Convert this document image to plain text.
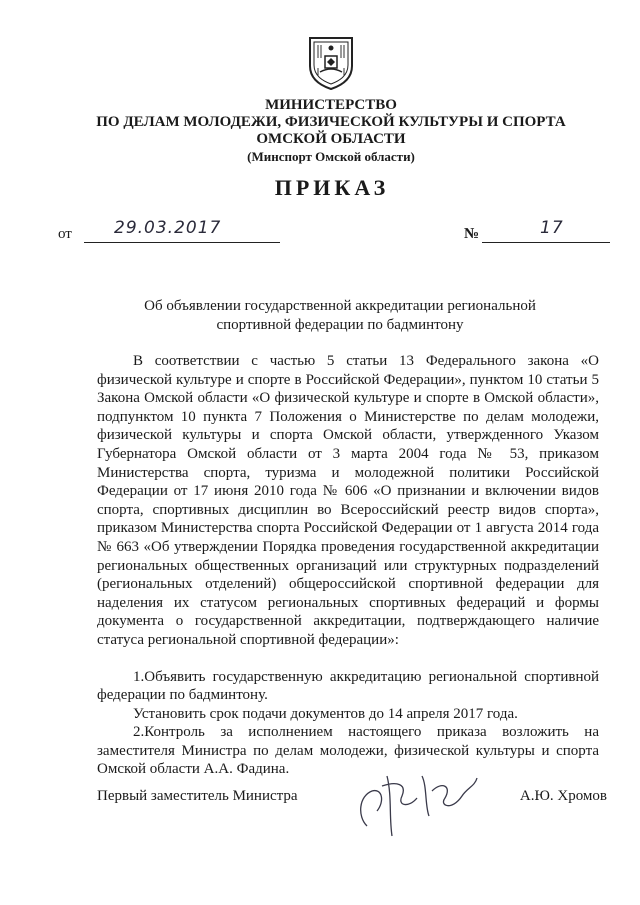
МИНИСТЕРСТВО
ПО ДЕЛАМ МОЛОДЕЖИ, ФИЗИЧЕСКОЙ КУЛЬТУРЫ И СПОРТА
ОМСКОЙ ОБЛАСТИ
(Минспорт Омской области)
ПРИКАЗ
от 29.03.2017	№	17
Об объявлении государственной аккредитации региональной
спортивной федерации по бадминтону

В соответствии с частью 5 статьи 13 Федерального закона «О физической культуре и спорте в Российской Федерации», пунктом 10 статьи 5 Закона Омской области «О физической культуре и спорте в Омской области», подпунктом 10 пункта 7 Положения о Министерстве по делам молодежи, физической культуры и спорта Омской области, утвержденного Указом Губернатора Омской области от 3 марта 2004 года № 53, приказом Министерства спорта, туризма и молодежной политики Российской Федерации от 17 июня 2010 года № 606 «О признании и включении видов спорта, спортивных дисциплин во Всероссийский реестр видов спорта», приказом Министерства спорта Российской Федерации от 1 августа 2014 года № 663 «Об утверждении Порядка проведения государственной аккредитации региональных общественных организаций или структурных подразделений (региональных отделений) общероссийской спортивной федерации для наделения их статусом региональных спортивных федераций и формы документа о государственной аккредитации, подтверждающего наличие статуса региональной спортивной федерации»:

1.Объявить государственную аккредитацию региональной спортивной федерации по бадминтону.

Установить срок подачи документов до 14 апреля 2017 года.

2.Контроль за исполнением настоящего приказа возложить на заместителя Министра по делам молодежи, физической культуры и спорта Омской области А.А. Фадина.

Первый заместитель Министра	А.Ю. Хромов
